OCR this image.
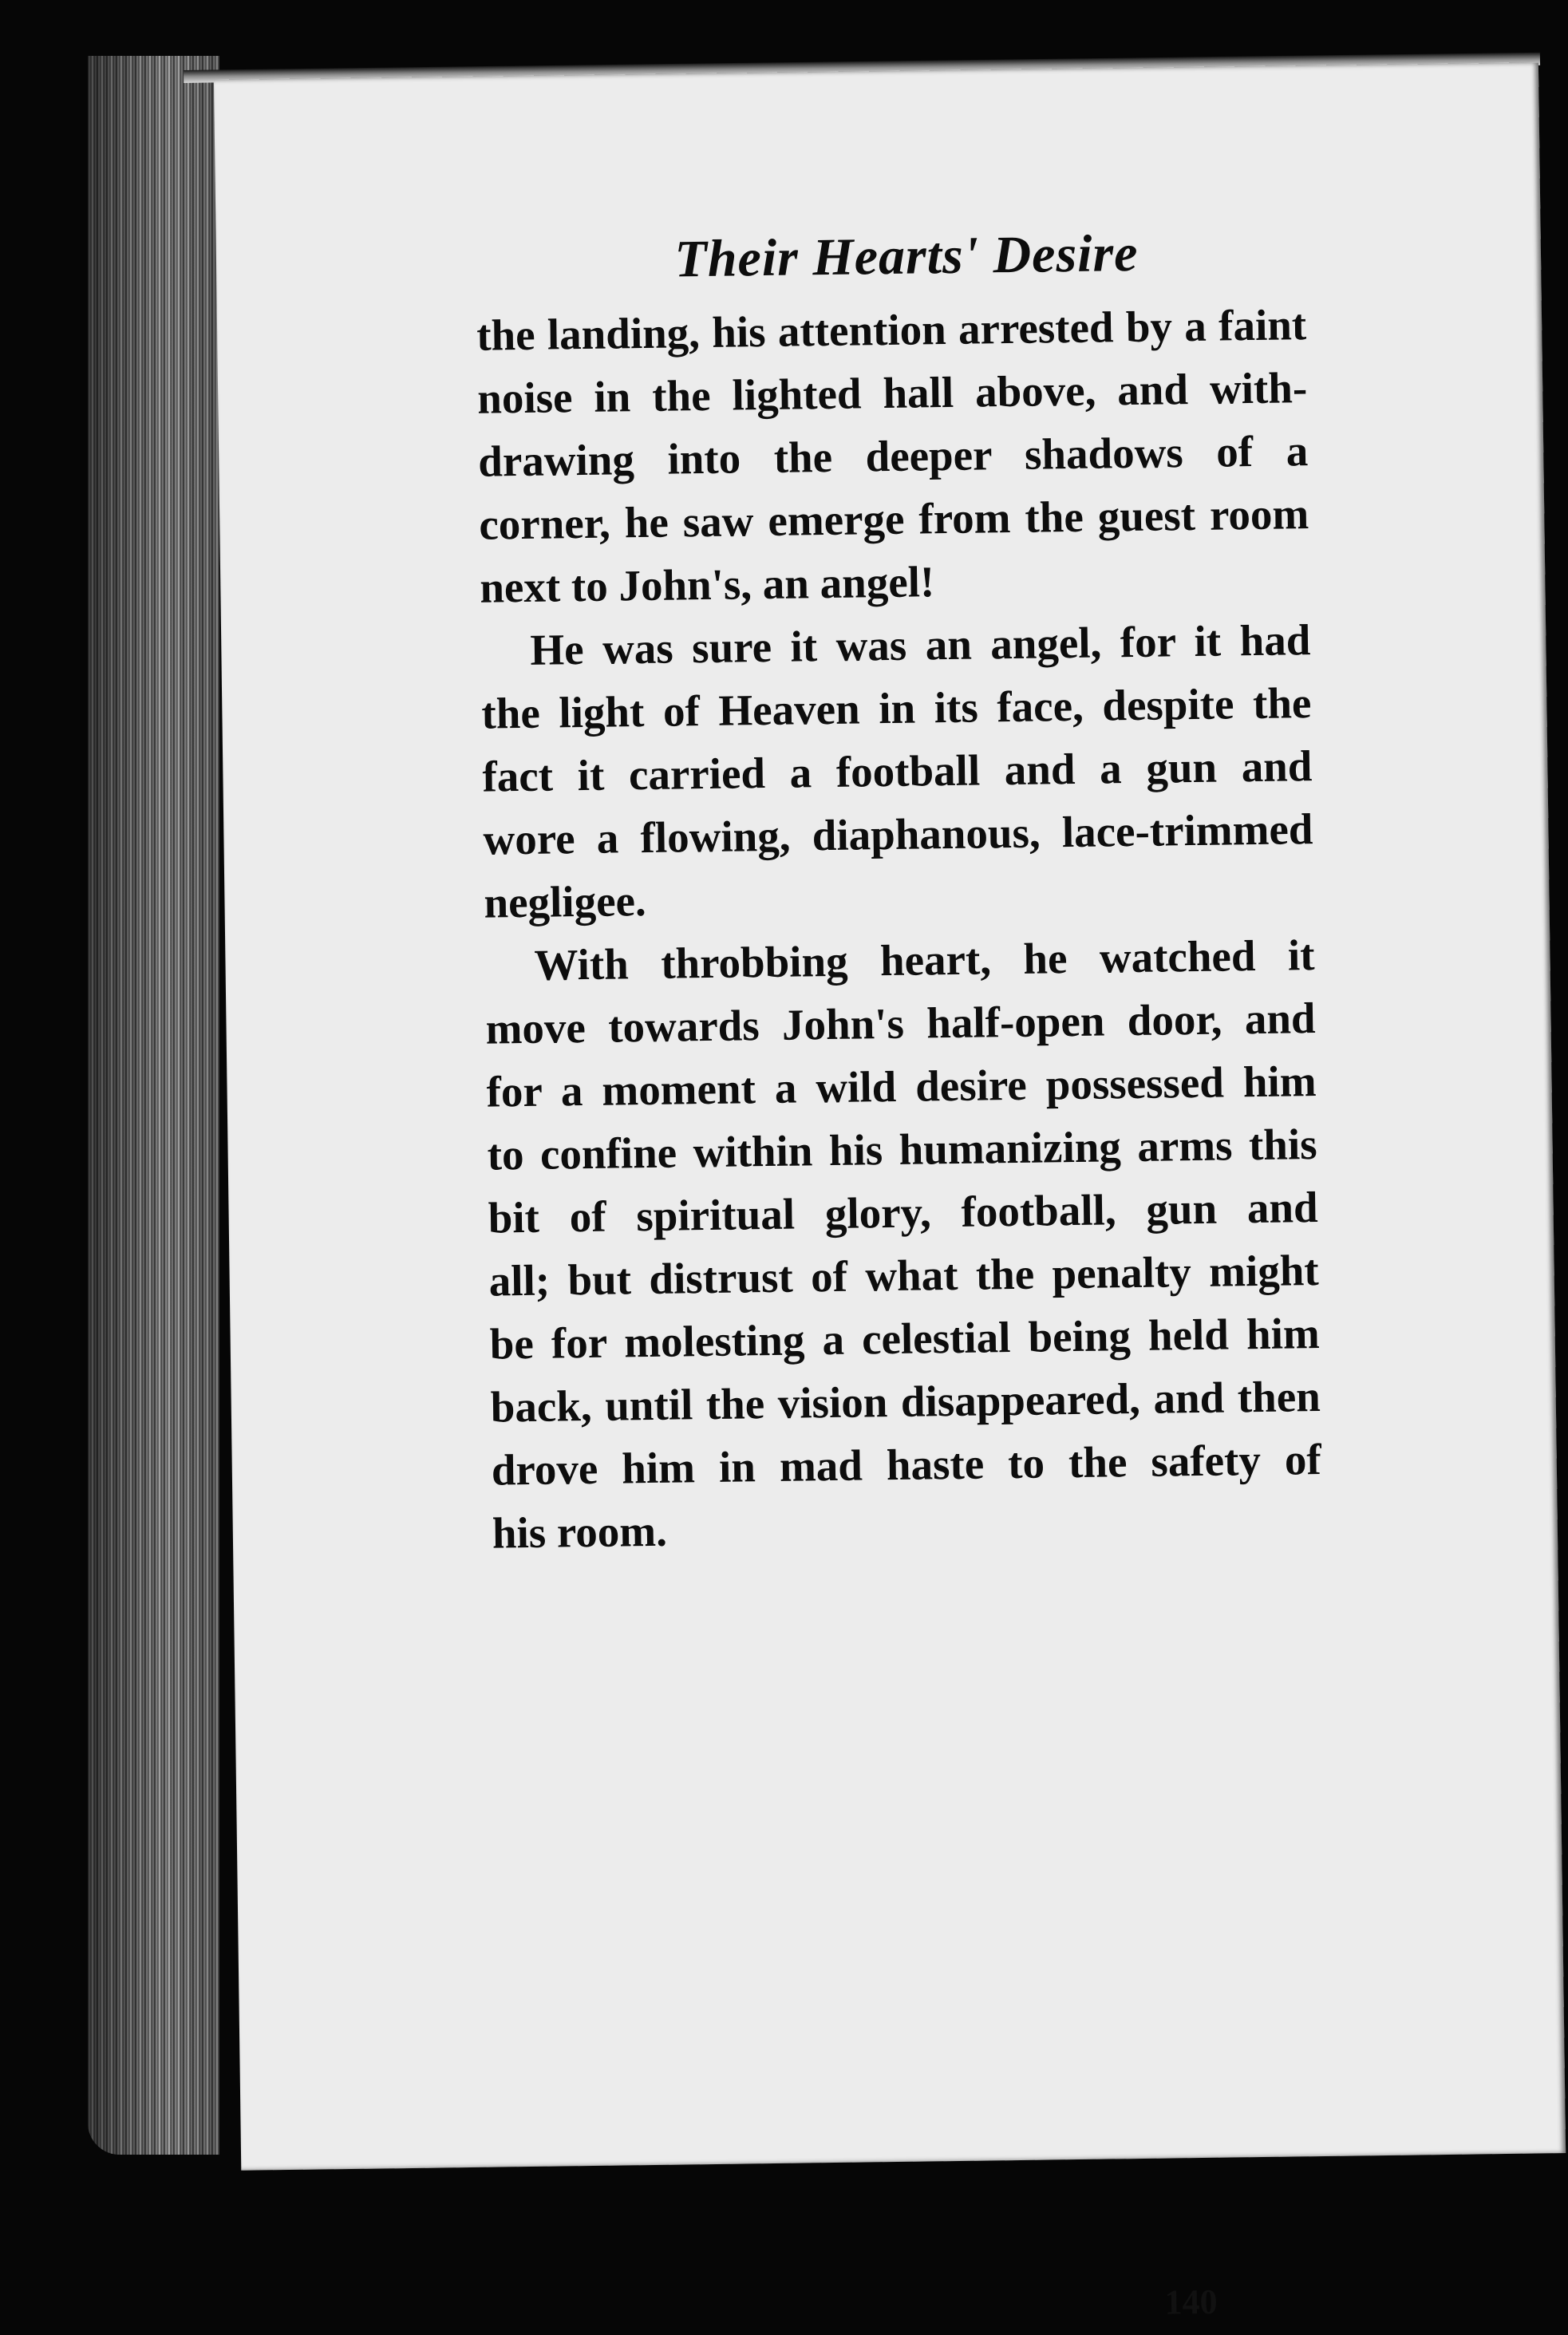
Their Hearts' Desire
the landing, his attention arrested by a faint
noise in the lighted hall above, and with-
drawing into the deeper shadows of a
corner, he saw emerge from the guest room
next to John's, an angel!
He was sure it was an angel, for it had
the light of Heaven in its face, despite the
fact it carried a football and a gun and
wore a flowing, diaphanous, lace-trimmed
negligee.
With throbbing heart, he watched it
move towards John's half-open door, and
for a moment a wild desire possessed him
to confine within his humanizing arms this
bit of spiritual glory, football, gun and
all; but distrust of what the penalty might
be for molesting a celestial being held him
back, until the vision disappeared, and then
drove him in mad haste to the safety of
his room.
140
